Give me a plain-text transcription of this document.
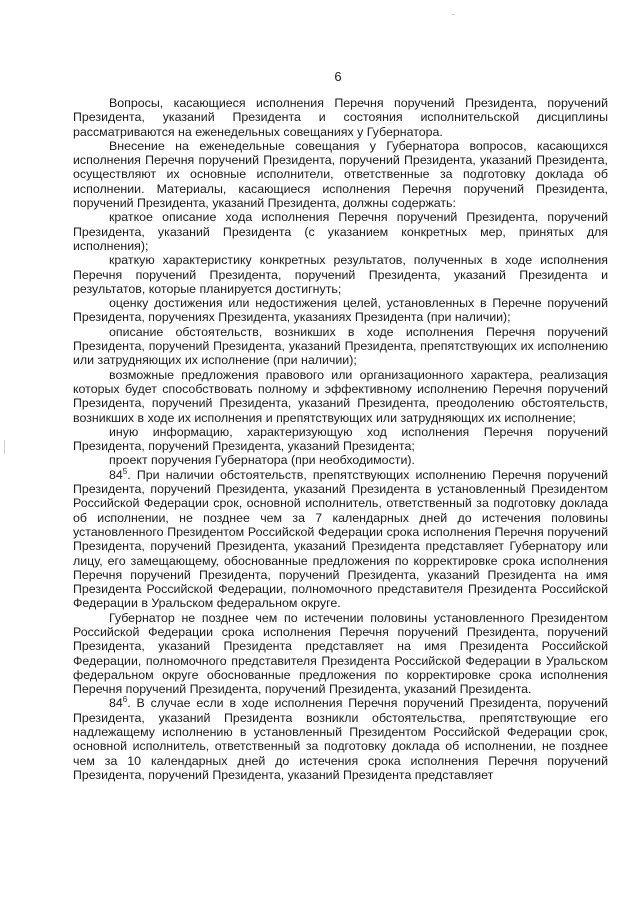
6

Вопросы, касающиеся исполнения Перечня поручений Президента, поручений Президента, указаний Президента и состояния исполнительской дисциплины рассматриваются на еженедельных совещаниях у Губернатора.

Внесение на еженедельные совещания у Губернатора вопросов, касающихся исполнения Перечня поручений Президента, поручений Президента, указаний Президента, осуществляют их основные исполнители, ответственные за подготовку доклада об исполнении. Материалы, касающиеся исполнения Перечня поручений Президента, поручений Президента, указаний Президента, должны содержать:

краткое описание хода исполнения Перечня поручений Президента, поручений Президента, указаний Президента (с указанием конкретных мер, принятых для исполнения);

краткую характеристику конкретных результатов, полученных в ходе исполнения Перечня поручений Президента, поручений Президента, указаний Президента и результатов, которые планируется достигнуть;

оценку достижения или недостижения целей, установленных в Перечне поручений Президента, поручениях Президента, указаниях Президента (при наличии);

описание обстоятельств, возникших в ходе исполнения Перечня поручений Президента, поручений Президента, указаний Президента, препятствующих их исполнению или затрудняющих их исполнение (при наличии);

возможные предложения правового или организационного характера, реализация которых будет способствовать полному и эффективному исполнению Перечня поручений Президента, поручений Президента, указаний Президента, преодолению обстоятельств, возникших в ходе их исполнения и препятствующих или затрудняющих их исполнение;

иную информацию, характеризующую ход исполнения Перечня поручений Президента, поручений Президента, указаний Президента;

проект поручения Губернатора (при необходимости).

$84^5$. При наличии обстоятельств, препятствующих исполнению Перечня поручений Президента, поручений Президента, указаний Президента в установленный Президентом Российской Федерации срок, основной исполнитель, ответственный за подготовку доклада об исполнении, не позднее чем за 7 календарных дней до истечения половины установленного Президентом Российской Федерации срока исполнения Перечня поручений Президента, поручений Президента, указаний Президента представляет Губернатору или лицу, его замещающему, обоснованные предложения по корректировке срока исполнения Перечня поручений Президента, поручений Президента, указаний Президента на имя Президента Российской Федерации, полномочного представителя Президента Российской Федерации в Уральском федеральном округе.

Губернатор не позднее чем по истечении половины установленного Президентом Российской Федерации срока исполнения Перечня поручений Президента, поручений Президента, указаний Президента представляет на имя Президента Российской Федерации, полномочного представителя Президента Российской Федерации в Уральском федеральном округе обоснованные предложения по корректировке срока исполнения Перечня поручений Президента, поручений Президента, указаний Президента.

$84^6$. В случае если в ходе исполнения Перечня поручений Президента, поручений Президента, указаний Президента возникли обстоятельства, препятствующие его надлежащему исполнению в установленный Президентом Российской Федерации срок, основной исполнитель, ответственный за подготовку доклада об исполнении, не позднее чем за 10 календарных дней до истечения срока исполнения Перечня поручений Президента, поручений Президента, указаний Президента представляет
